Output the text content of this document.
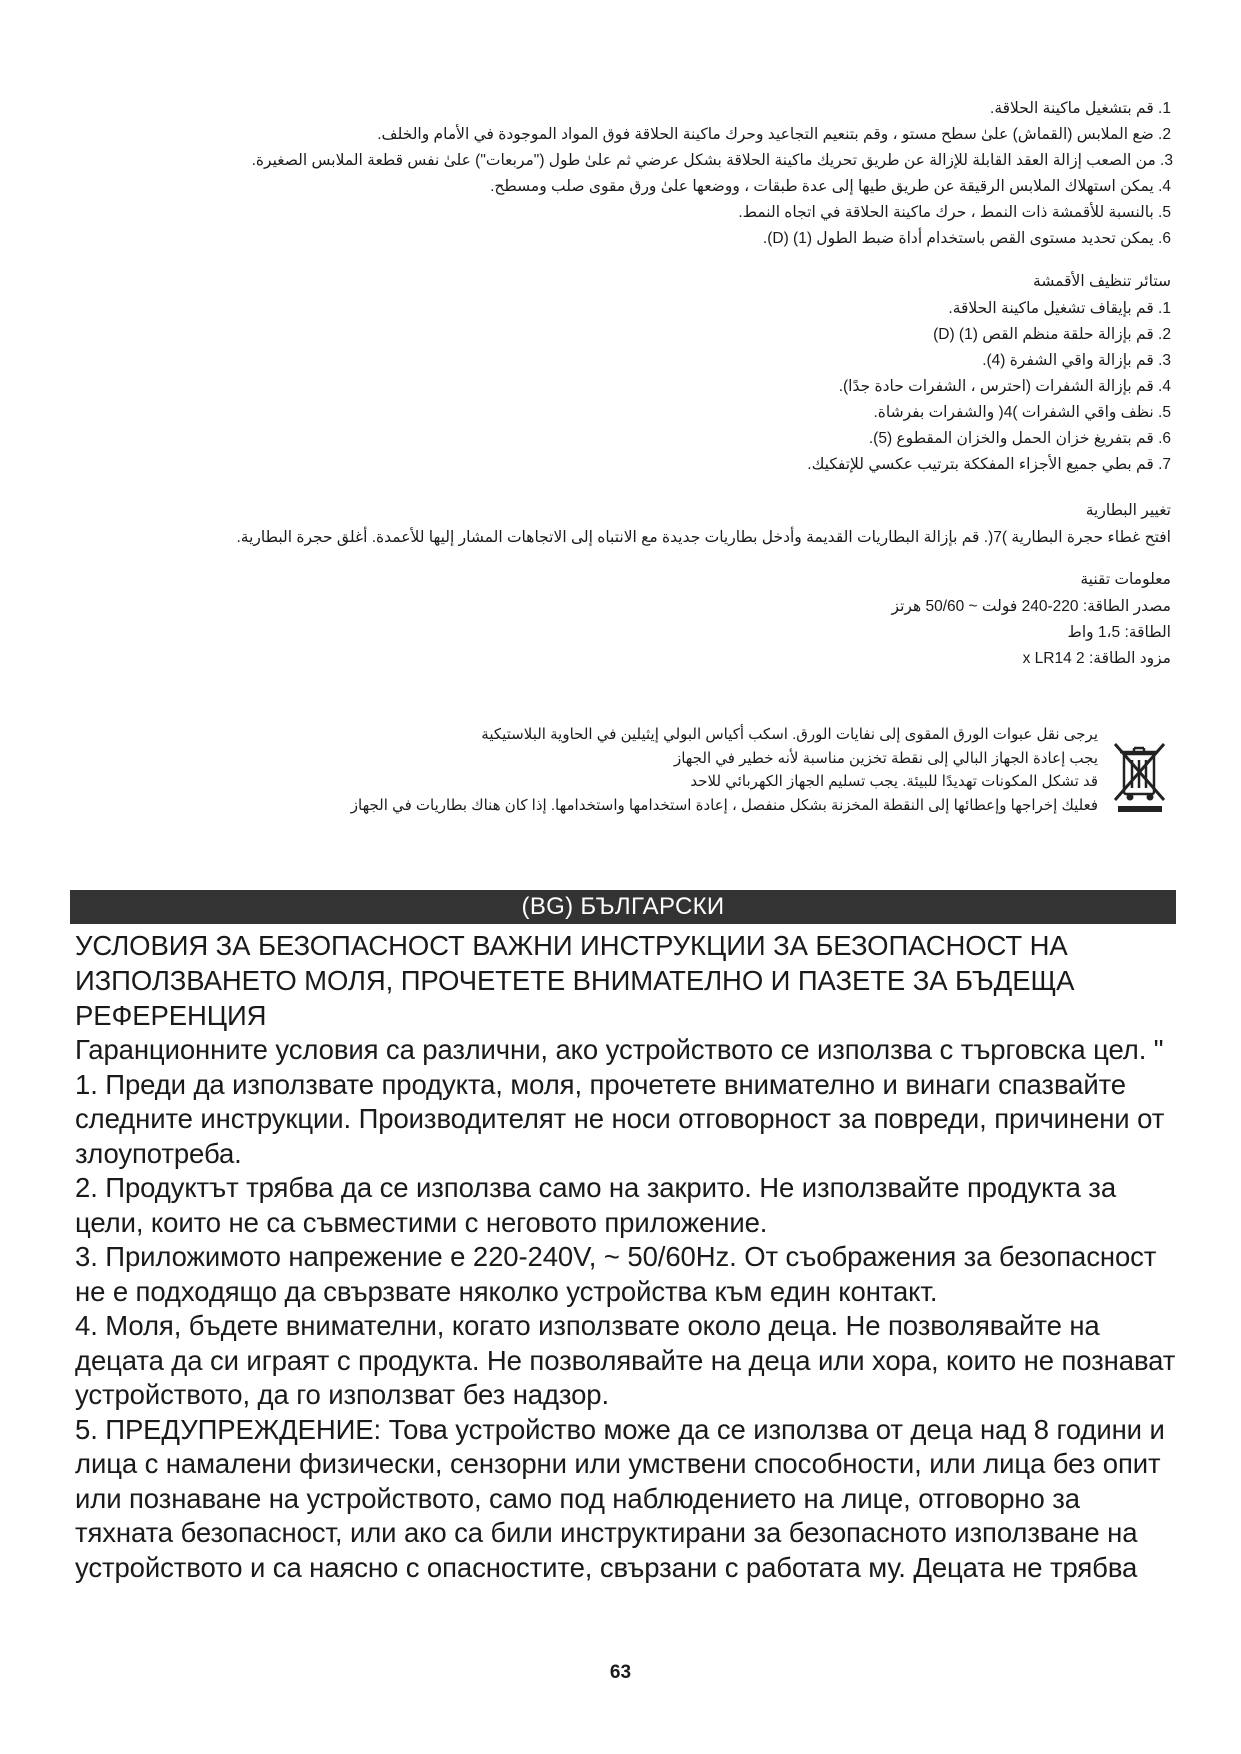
1. قم بتشغيل ماكينة الحلاقة.
2. ضع الملابس (القماش) علىٰ سطح مستو ، وقم بتنعيم التجاعيد وحرك ماكينة الحلاقة فوق المواد الموجودة في الأمام والخلف.
3. من الصعب إزالة العقد القابلة للإزالة عن طريق تحريك ماكينة الحلاقة بشكل عرضي ثم علىٰ طول ("مربعات") علىٰ نفس قطعة الملابس الصغيرة.
4. يمكن استهلاك الملابس الرقيقة عن طريق طيها إلى عدة طبقات ، ووضعها علىٰ ورق مقوى صلب ومسطح.
5. بالنسبة للأقمشة ذات النمط ، حرك ماكينة الحلاقة في اتجاه النمط.
6. يمكن تحديد مستوى القص باستخدام أداة ضبط الطول (1) (D).
ستائر تنظيف الأقمشة
1. قم بإيقاف تشغيل ماكينة الحلاقة.
2. قم بإزالة حلقة منظم القص (1) (D)
3. قم بإزالة واقي الشفرة (4).
4. قم بإزالة الشفرات (احترس ، الشفرات حادة جدًا).
5. نظف واقي الشفرات )4( والشفرات بفرشاة.
6. قم بتفريغ خزان الحمل والخزان المقطوع (5).
7. قم بطي جميع الأجزاء المفككة بترتيب عكسي للإتفكيك.
تغيير البطارية
افتح غطاء حجرة البطارية )7(. قم بإزالة البطاريات القديمة وأدخل بطاريات جديدة مع الانتباه إلى الاتجاهات المشار إليها للأعمدة. أغلق حجرة البطارية.
معلومات تقنية
مصدر الطاقة: 220-240 فولت ~ 50/60 هرتز
الطاقة: 1،5 واط
مزود الطاقة: 2 x LR14
يرجى نقل عبوات الورق المقوى إلى نفايات الورق. اسكب أكياس البولي إيثيلين في الحاوية البلاستيكية
يجب إعادة الجهاز البالي إلى نقطة تخزين مناسبة لأنه خطير في الجهاز
قد تشكل المكونات تهديدًا للبيئة. يجب تسليم الجهاز الكهربائي للاحد
فعليك إخراجها وإعطائها إلى النقطة المخزنة بشكل منفصل ، إعادة استخدامها واستخدامها. إذا كان هناك بطاريات في الجهاز
(BG) БЪЛГАРСКИ

УСЛОВИЯ ЗА БЕЗОПАСНОСТ ВАЖНИ ИНСТРУКЦИИ ЗА БЕЗОПАСНОСТ НА ИЗПОЛЗВАНЕТО МОЛЯ, ПРОЧЕТЕТЕ ВНИМАТЕЛНО И ПАЗЕТЕ ЗА БЪДЕЩА РЕФЕРЕНЦИЯ

Гаранционните условия са различни, ако устройството се използва с търговска цел. "

1. Преди да използвате продукта, моля, прочетете внимателно и винаги спазвайте следните инструкции. Производителят не носи отговорност за повреди, причинени от злоупотреба.

2. Продуктът трябва да се използва само на закрито. Не използвайте продукта за цели, които не са съвместими с неговото приложение.

3. Приложимото напрежение е 220-240V, ~ 50/60Hz. От съображения за безопасност не е подходящо да свързвате няколко устройства към един контакт.

4. Моля, бъдете внимателни, когато използвате около деца. Не позволявайте на децата да си играят с продукта. Не позволявайте на деца или хора, които не познават устройството, да го използват без надзор.

5. ПРЕДУПРЕЖДЕНИЕ: Това устройство може да се използва от деца над 8 години и лица с намалени физически, сензорни или умствени способности, или лица без опит или познаване на устройството, само под наблюдението на лице, отговорно за тяхната безопасност, или ако са били инструктирани за безопасното използване на устройството и са наясно с опасностите, свързани с работата му. Децата не трябва

63
